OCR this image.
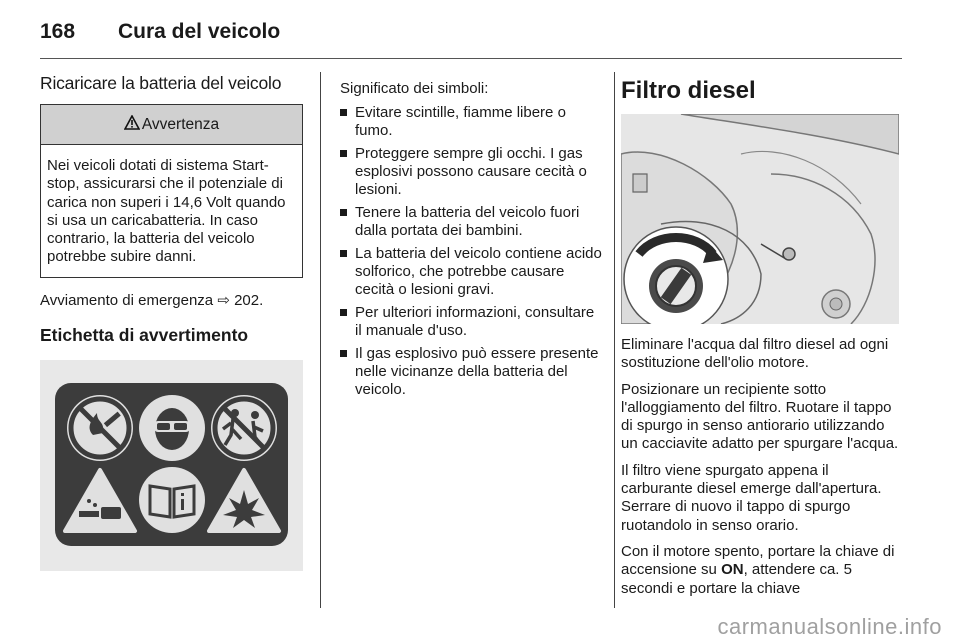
168 Cura del veicolo
Ricaricare la batteria del veicolo
Avvertenza
Nei veicoli dotati di sistema Start-stop, assicurarsi che il potenziale di carica non superi i 14,6 Volt quando si usa un caricabatteria. In caso contrario, la batteria del veicolo potrebbe subire danni.

Avviamento di emergenza ⇨ 202.

Etichetta di avvertimento

Significato dei simboli:

Evitare scintille, fiamme libere o fumo.
Proteggere sempre gli occhi. I gas esplosivi possono causare cecità o lesioni.
Tenere la batteria del veicolo fuori dalla portata dei bambini.
La batteria del veicolo contiene acido solforico, che potrebbe causare cecità o lesioni gravi.
Per ulteriori informazioni, consultare il manuale d'uso.
Il gas esplosivo può essere presente nelle vicinanze della batteria del veicolo.
Filtro diesel

Eliminare l'acqua dal filtro diesel ad ogni sostituzione dell'olio motore.

Posizionare un recipiente sotto l'alloggiamento del filtro. Ruotare il tappo di spurgo in senso antiorario utilizzando un cacciavite adatto per spurgare l'acqua.

Il filtro viene spurgato appena il carburante diesel emerge dall'apertura. Serrare di nuovo il tappo di spurgo ruotandolo in senso orario.

Con il motore spento, portare la chiave di accensione su ON, attendere ca. 5 secondi e portare la chiave

carmanualsonline.info
